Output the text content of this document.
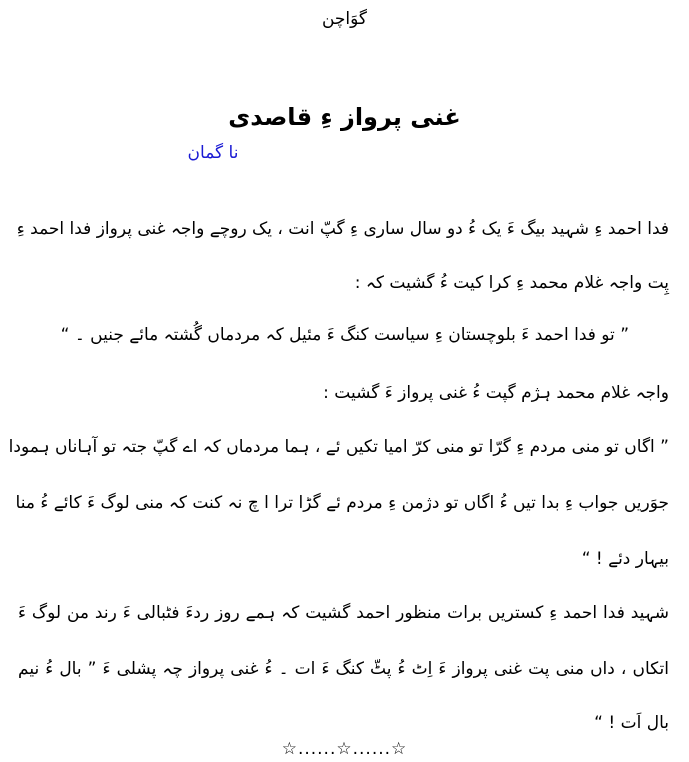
گوَاچن
غنی پرواز ءِ قاصدی
نا گمان
فدا احمد ءِ شہید بیگ ءَ یک ءُ دو سال ساری ءِ گپّ انت ، یک روچے واجہ غنی پرواز فدا احمد ءِ
پِت واجہ غلام محمد ءِ کرا کیت ءُ گشیت کہ :
” تو فدا احمد ءَ بلوچستان ءِ سیاست کنگ ءَ مئیل کہ مردماں گُشتہ مائے جنیں ۔ “
واجہ غلام محمد ہژم گپت ءُ غنی پرواز ءَ گشیت :
” اگاں تو منی مردم ءِ گرّا تو منی کرّ امیا تکیں ئے ، ہما مردماں کہ اے گپّ جتہ تو آہاناں ہمودا
جوَریں جواب ءِ بدا تیں ءُ اگاں تو دژمن ءِ مردم ئے گڑا ترا ا چ نہ کنت کہ منی لوگ ءَ کائے ءُ منا
بیہار دئے ! “
شہید فدا احمد ءِ کستریں برات منظور احمد گشیت کہ ہمے روز ردءَ فٹبالی ءَ رند من لوگ ءَ
اتکاں ، داں منی پت غنی پرواز ءَ اِٹ ءُ پٹّ کنگ ءَ ات ۔ ءُ غنی پرواز چہ پشلی ءَ ” بال ءُ نیم
بال اَت ! “
☆......☆......☆
